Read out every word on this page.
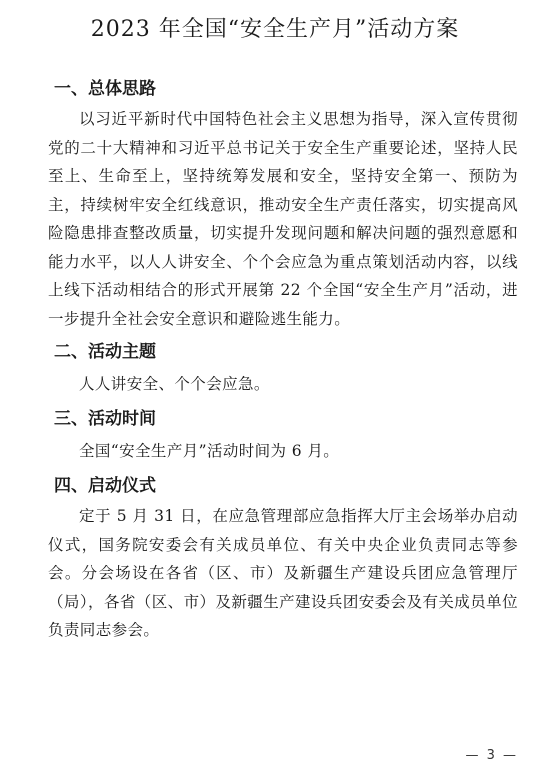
2023 年全国“安全生产月”活动方案
一、总体思路

以习近平新时代中国特色社会主义思想为指导，深入宣传贯彻党的二十大精神和习近平总书记关于安全生产重要论述，坚持人民至上、生命至上，坚持统筹发展和安全，坚持安全第一、预防为主，持续树牢安全红线意识，推动安全生产责任落实，切实提高风险隐患排查整改质量，切实提升发现问题和解决问题的强烈意愿和能力水平，以人人讲安全、个个会应急为重点策划活动内容，以线上线下活动相结合的形式开展第 22 个全国“安全生产月”活动，进一步提升全社会安全意识和避险逃生能力。

二、活动主题

人人讲安全、个个会应急。

三、活动时间

全国“安全生产月”活动时间为 6 月。

四、启动仪式

定于 5 月 31 日，在应急管理部应急指挥大厅主会场举办启动仪式，国务院安委会有关成员单位、有关中央企业负责同志等参会。分会场设在各省（区、市）及新疆生产建设兵团应急管理厅（局），各省（区、市）及新疆生产建设兵团安委会及有关成员单位负责同志参会。

— 3 —
